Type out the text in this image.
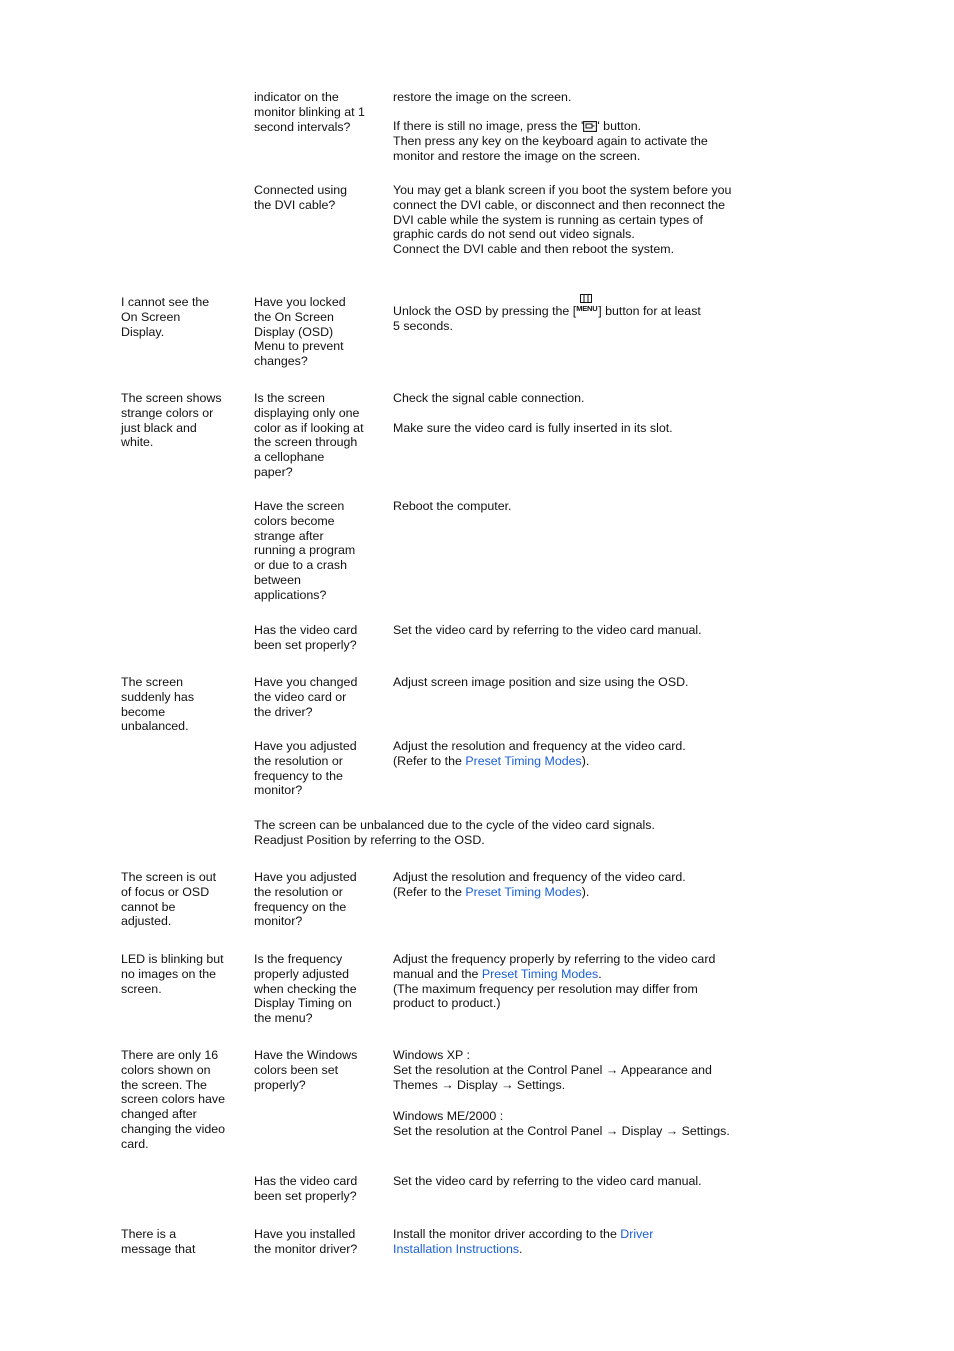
indicator on the
monitor blinking at 1
second intervals?
restore the image on the screen.
If there is still no image, press the ' ' button.
Then press any key on the keyboard again to activate the monitor and restore the image on the screen.
Connected using
the DVI cable?
You may get a blank screen if you boot the system before you connect the DVI cable, or disconnect and then reconnect the DVI cable while the system is running as certain types of graphic cards do not send out video signals.
Connect the DVI cable and then reboot the system.
I cannot see the
On Screen
Display.
Have you locked
the On Screen
Display (OSD)
Menu to prevent
changes?
Unlock the OSD by pressing the [ MENU ] button for at least
5 seconds.
The screen shows
strange colors or
just black and
white.
Is the screen
displaying only one
color as if looking at
the screen through
a cellophane
paper?
Check the signal cable connection.
Make sure the video card is fully inserted in its slot.
Have the screen
colors become
strange after
running a program
or due to a crash
between
applications?
Reboot the computer.
Has the video card
been set properly?
Set the video card by referring to the video card manual.
The screen
suddenly has
become
unbalanced.
Have you changed
the video card or
the driver?
Adjust screen image position and size using the OSD.
Have you adjusted
the resolution or
frequency to the
monitor?
Adjust the resolution and frequency at the video card.
(Refer to the Preset Timing Modes).
The screen can be unbalanced due to the cycle of the video card signals.
Readjust Position by referring to the OSD.
The screen is out
of focus or OSD
cannot be
adjusted.
Have you adjusted
the resolution or
frequency on the
monitor?
Adjust the resolution and frequency of the video card.
(Refer to the Preset Timing Modes).
LED is blinking but
no images on the
screen.
Is the frequency
properly adjusted
when checking the
Display Timing on
the menu?
Adjust the frequency properly by referring to the video card manual and the Preset Timing Modes.
(The maximum frequency per resolution may differ from product to product.)
There are only 16
colors shown on
the screen. The
screen colors have
changed after
changing the video
card.
Have the Windows
colors been set
properly?
Windows XP :
Set the resolution at the Control Panel → Appearance and Themes → Display → Settings.

Windows ME/2000 :
Set the resolution at the Control Panel → Display → Settings.
Has the video card
been set properly?
Set the video card by referring to the video card manual.
There is a
message that
Have you installed
the monitor driver?
Install the monitor driver according to the Driver
Installation Instructions.
